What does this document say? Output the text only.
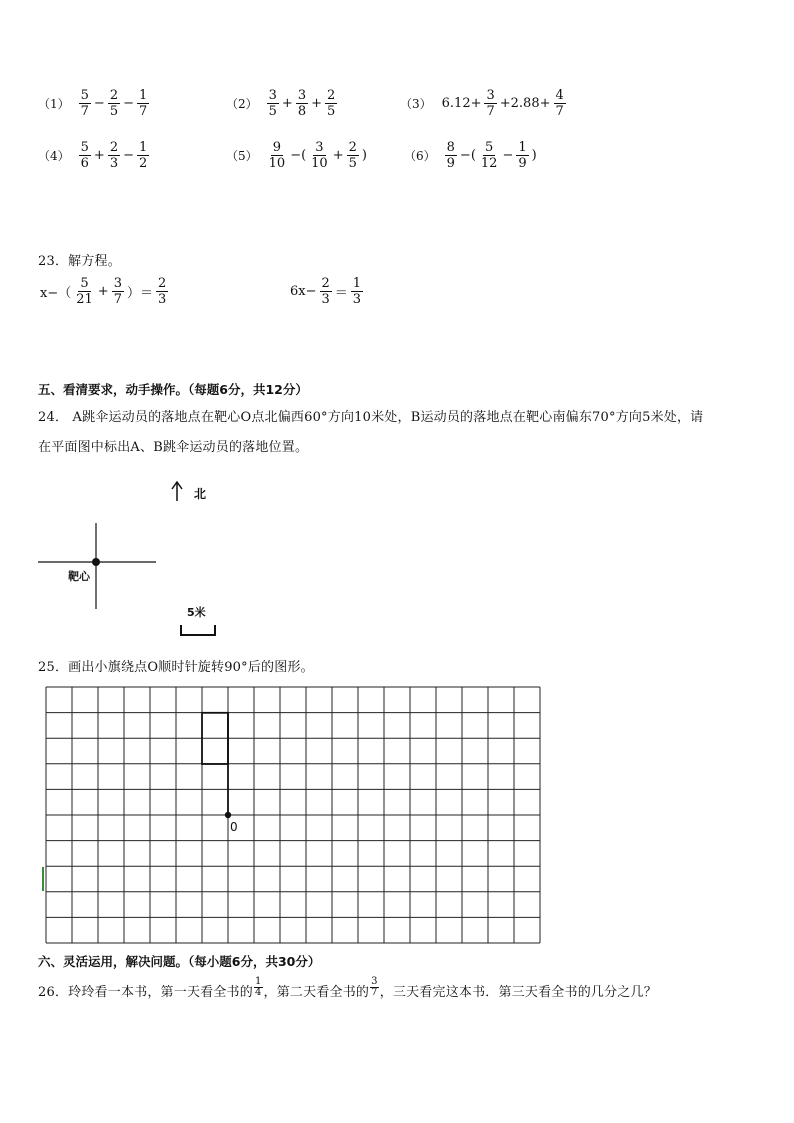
$(1) \frac{5}{7} - \frac{2}{5} - \frac{1}{7}$	$(2) \frac{3}{5} + \frac{3}{8} + \frac{2}{5}$	（3） $6.12+ \frac{3}{7} +2.88+ \frac{4}{7}$
$(4) \frac{5}{6} + \frac{2}{3} - \frac{1}{2}$	$(5) \frac{9}{10}$ −( $\frac{3}{10} + \frac{2}{5}$ )	$(6) \frac{8}{9}$ −( $\frac{5}{12} - \frac{1}{9}$ )
23．解方程。
$x-( \frac{5}{21} + \frac{3}{7}$ ）＝ $\frac{2}{3}$	$6x- \frac{2}{3} = \frac{1}{3}$
五、看清要求，动手操作。（每题6分，共12分）
24． A跳伞运动员的落地点在靶心O点北偏西60°方向10米处，B运动员的落地点在靶心南偏东70°方向5米处，请
在平面图中标出A、B跳伞运动员的落地位置。
北
靶心
5米
25．画出小旗绕点O顺时针旋转90°后的图形。
0
六、灵活运用，解决问题。（每小题6分，共30分）
26．玲玲看一本书，第一天看全书的 $\frac{1}{4}$ ，第二天看全书的 $\frac{3}{7}$ ，三天看完这本书．第三天看全书的几分之几？
